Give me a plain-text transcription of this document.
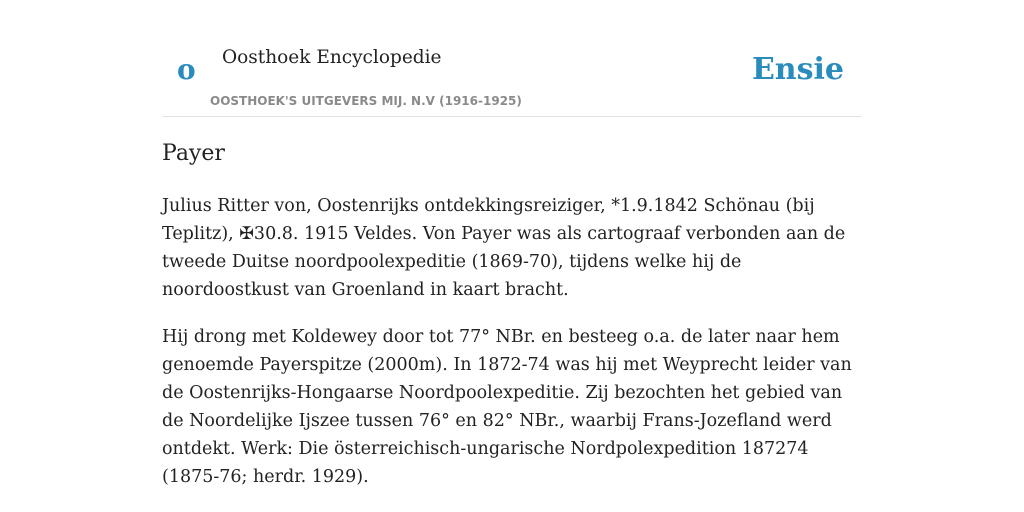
o Oosthoek Encyclopedie
OOSTHOEK'S UITGEVERS MIJ. N.V (1916-1925)
Ensie
Payer

Julius Ritter von, Oostenrijks ontdekkingsreiziger, *1.9.1842 Schönau (bij Teplitz), ✠30.8. 1915 Veldes. Von Payer was als cartograaf verbonden aan de tweede Duitse noordpoolexpeditie (1869-70), tijdens welke hij de noordoostkust van Groenland in kaart bracht.

Hij drong met Koldewey door tot 77° NBr. en besteeg o.a. de later naar hem genoemde Payerspitze (2000m). In 1872-74 was hij met Weyprecht leider van de Oostenrijks-Hongaarse Noordpoolexpeditie. Zij bezochten het gebied van de Noordelijke Ijszee tussen 76° en 82° NBr., waarbij Frans-Jozefland werd ontdekt. Werk: Die österreichisch-ungarische Nordpolexpedition 187274 (1875-76; herdr. 1929).
